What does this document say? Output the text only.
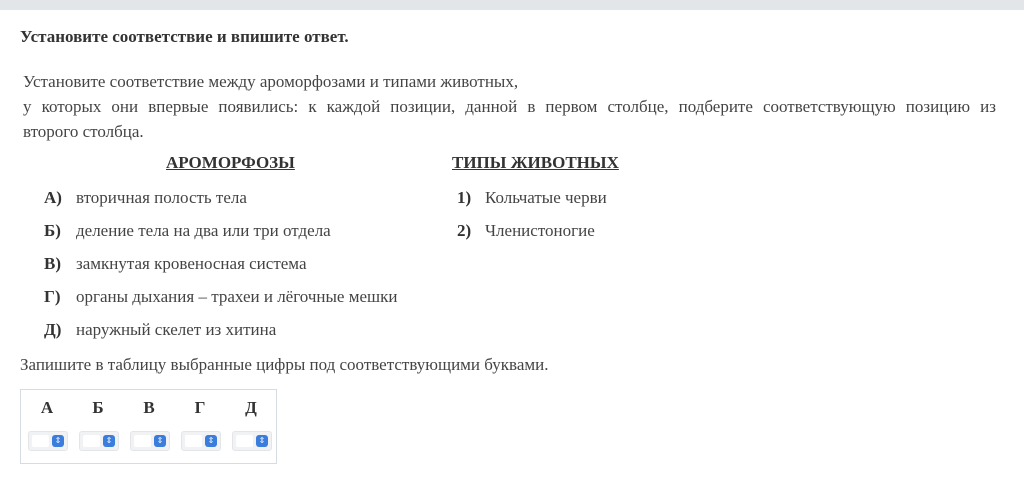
Установите соответствие и впишите ответ.
Установите соответствие между ароморфозами и типами животных,
у которых они впервые появились: к каждой позиции, данной в первом столбце, подберите соответствующую позицию из
второго столбца.
АРОМОРФОЗЫ	ТИПЫ ЖИВОТНЫХ
А) вторичная полость тела
Б) деление тела на два или три отдела
В) замкнутая кровеносная система
Г) органы дыхания – трахеи и лёгочные мешки
Д) наружный скелет из хитина
1) Кольчатые черви
2) Членистоногие
Запишите в таблицу выбранные цифры под соответствующими буквами.
А	Б	В	Г	Д
⇕	⇕	⇕	⇕	⇕
